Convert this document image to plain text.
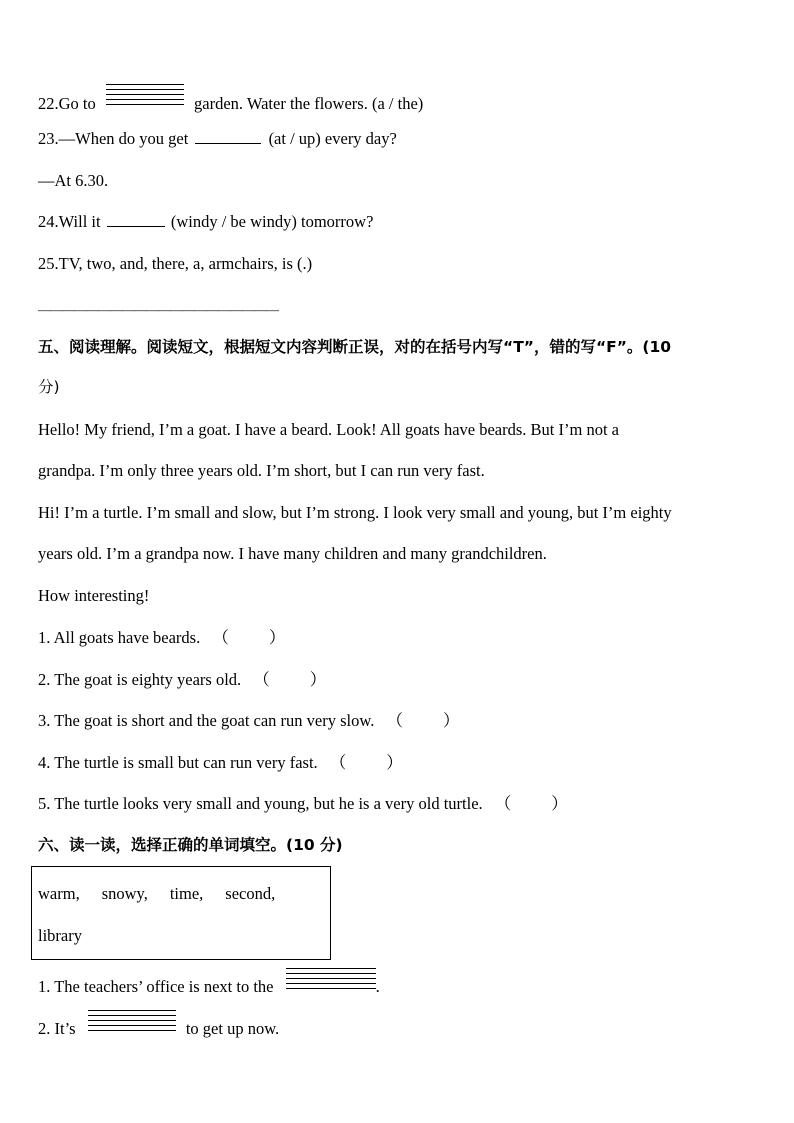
22.Go to	garden. Water the flowers. (a / the)
23.—When do you get	(at / up) every day?
—At 6.30.
24.Will it	(windy / be windy) tomorrow?
25.TV, two, and, there, a, armchairs, is (.)
————————————————————
五、阅读理解。阅读短文，根据短文内容判断正误，对的在括号内写“T”，错的写“F”。(10
分)
Hello! My friend, I’m a goat. I have a beard. Look! All goats have beards. But I’m not a
grandpa. I’m only three years old. I’m short, but I can run very fast.
Hi! I’m a turtle. I’m small and slow, but I’m strong. I look very small and young, but I’m eighty
years old. I’m a grandpa now. I have many children and many grandchildren.
How interesting!
1. All goats have beards. （ ）
2. The goat is eighty years old. （ ）
3. The goat is short and the goat can run very slow. （ ）
4. The turtle is small but can run very fast. （ ）
5. The turtle looks very small and young, but he is a very old turtle. （ ）
六、读一读，选择正确的单词填空。(10 分)
warm, snowy, time, second,
library
1. The teachers’ office is next to the	.
2. It’s	to get up now.
